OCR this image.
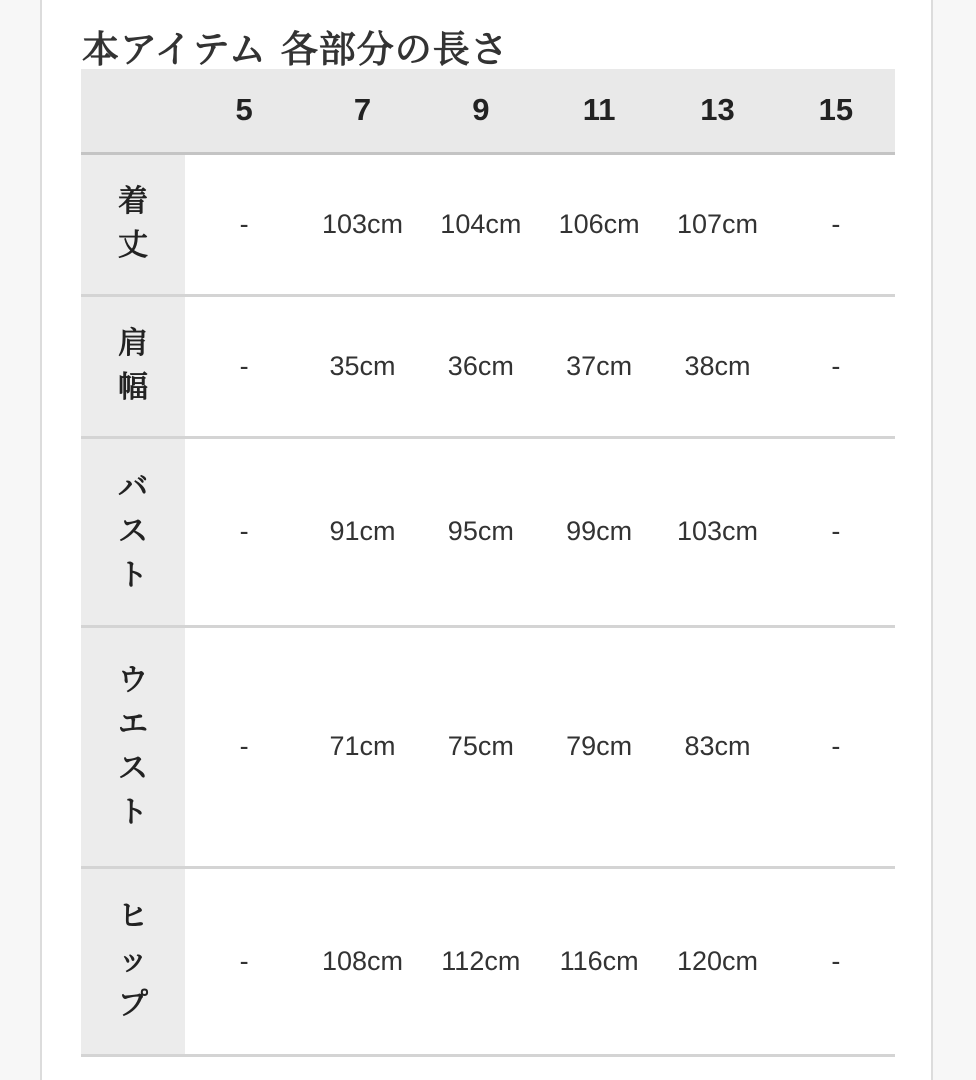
本アイテム 各部分の長さ
	5	7	9	11	13	15
着丈	-	103cm	104cm	106cm	107cm	-
肩幅	-	35cm	36cm	37cm	38cm	-
バスト	-	91cm	95cm	99cm	103cm	-
ウエスト	-	71cm	75cm	79cm	83cm	-
ヒップ	-	108cm	112cm	116cm	120cm	-
